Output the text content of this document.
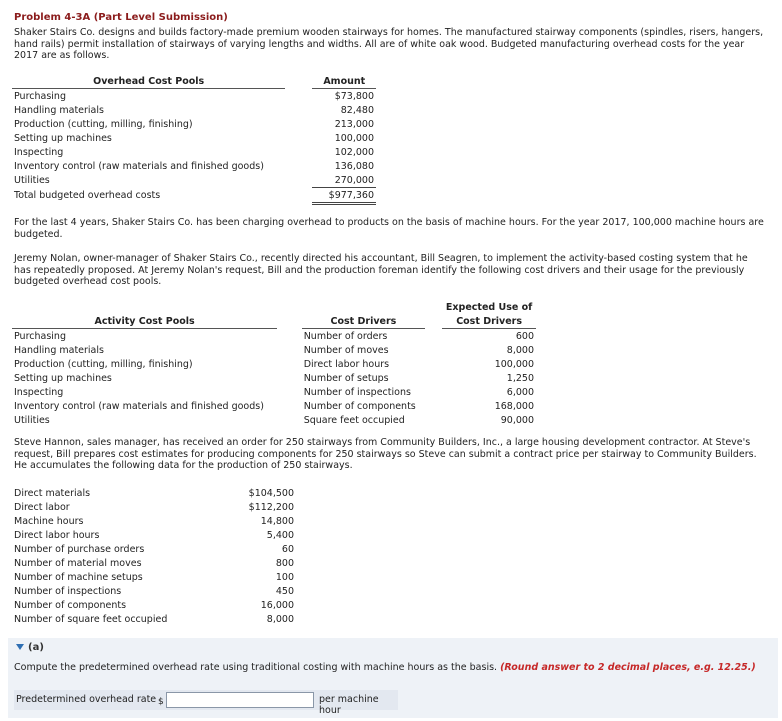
Problem 4-3A (Part Level Submission)
Shaker Stairs Co. designs and builds factory-made premium wooden stairways for homes. The manufactured stairway components (spindles, risers, hangers, hand rails) permit installation of stairways of varying lengths and widths. All are of white oak wood. Budgeted manufacturing overhead costs for the year 2017 are as follows.
Overhead Cost Pools		Amount
Purchasing		$73,800
Handling materials		82,480
Production (cutting, milling, finishing)		213,000
Setting up machines		100,000
Inspecting		102,000
Inventory control (raw materials and finished goods)		136,080
Utilities		270,000
Total budgeted overhead costs		$977,360
For the last 4 years, Shaker Stairs Co. has been charging overhead to products on the basis of machine hours. For the year 2017, 100,000 machine hours are budgeted.
Jeremy Nolan, owner-manager of Shaker Stairs Co., recently directed his accountant, Bill Seagren, to implement the activity-based costing system that he has repeatedly proposed. At Jeremy Nolan's request, Bill and the production foreman identify the following cost drivers and their usage for the previously budgeted overhead cost pools.
				Expected Use of
Activity Cost Pools		Cost Drivers		Cost Drivers
Purchasing		Number of orders		600
Handling materials		Number of moves		8,000
Production (cutting, milling, finishing)		Direct labor hours		100,000
Setting up machines		Number of setups		1,250
Inspecting		Number of inspections		6,000
Inventory control (raw materials and finished goods)		Number of components		168,000
Utilities		Square feet occupied		90,000
Steve Hannon, sales manager, has received an order for 250 stairways from Community Builders, Inc., a large housing development contractor. At Steve's request, Bill prepares cost estimates for producing components for 250 stairways so Steve can submit a contract price per stairway to Community Builders. He accumulates the following data for the production of 250 stairways.
Direct materials	$104,500
Direct labor	$112,200
Machine hours	14,800
Direct labor hours	5,400
Number of purchase orders	60
Number of material moves	800
Number of machine setups	100
Number of inspections	450
Number of components	16,000
Number of square feet occupied	8,000
(a)
Compute the predetermined overhead rate using traditional costing with machine hours as the basis. (Round answer to 2 decimal places, e.g. 12.25.)
Predetermined overhead rate $	per machine hour
